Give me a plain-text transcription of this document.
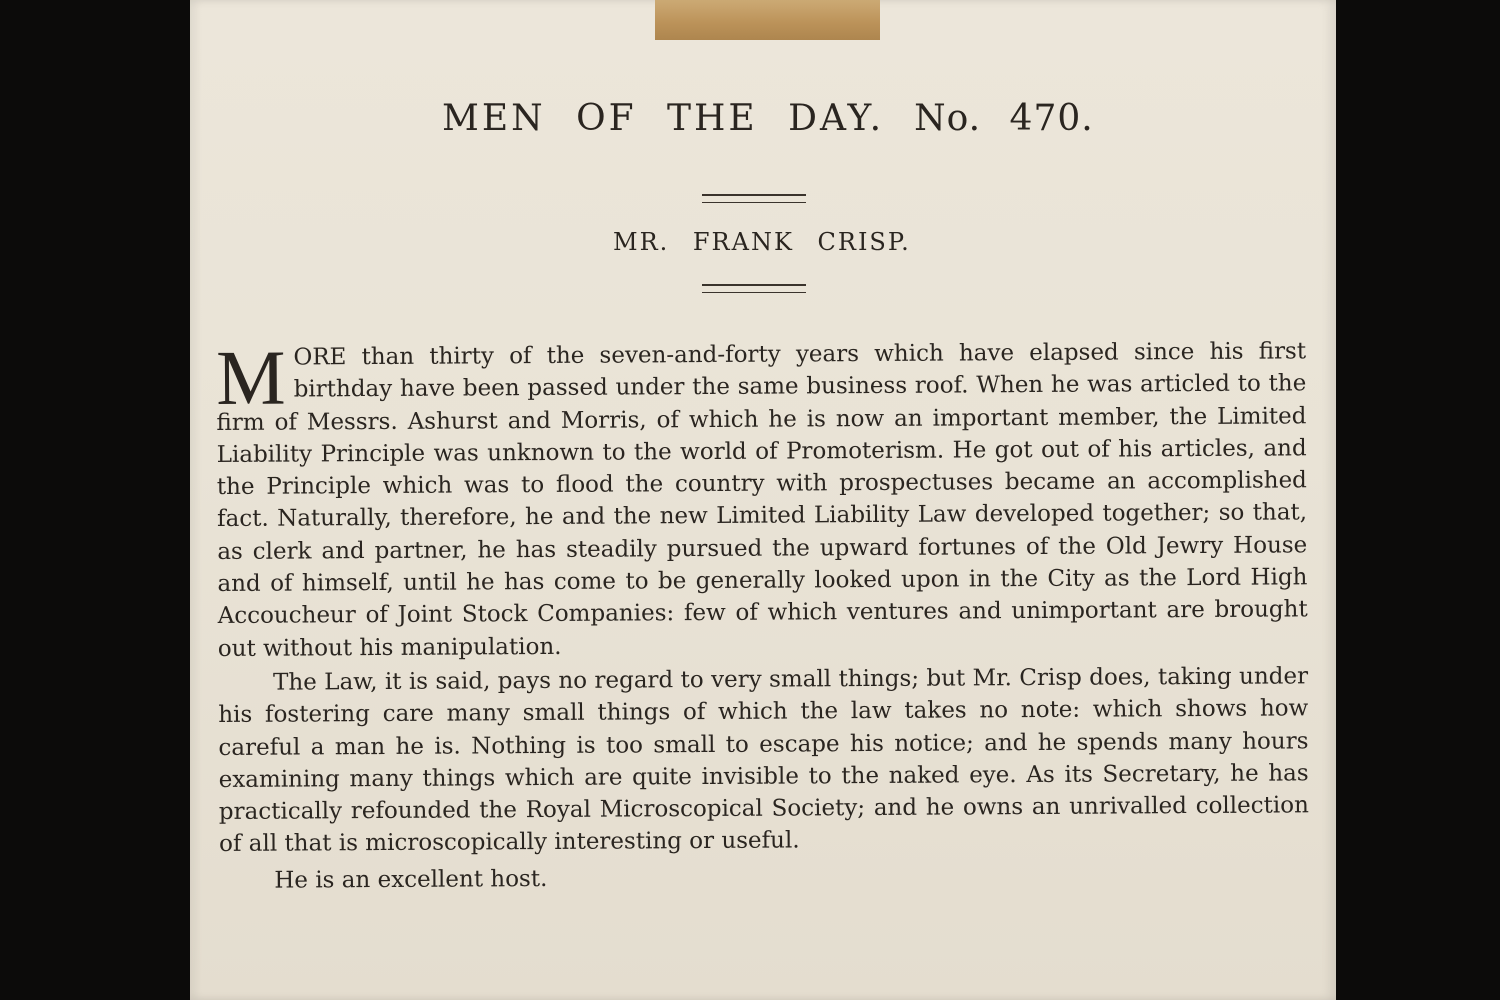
MEN OF THE DAY. No. 470.
MR. FRANK CRISP.

MORE than thirty of the seven-and-forty years which have elapsed since his first birthday have been passed under the same business roof. When he was articled to the firm of Messrs. Ashurst and Morris, of which he is now an important member, the Limited Liability Principle was unknown to the world of Promoterism. He got out of his articles, and the Principle which was to flood the country with prospectuses became an accomplished fact. Naturally, therefore, he and the new Limited Liability Law developed together; so that, as clerk and partner, he has steadily pursued the upward fortunes of the Old Jewry House and of himself, until he has come to be generally looked upon in the City as the Lord High Accoucheur of Joint Stock Companies: few of which ventures and unimportant are brought out without his manipulation.

The Law, it is said, pays no regard to very small things; but Mr. Crisp does, taking under his fostering care many small things of which the law takes no note: which shows how careful a man he is. Nothing is too small to escape his notice; and he spends many hours examining many things which are quite invisible to the naked eye. As its Secretary, he has practically refounded the Royal Microscopical Society; and he owns an unrivalled collection of all that is microscopically interesting or useful.

He is an excellent host.
